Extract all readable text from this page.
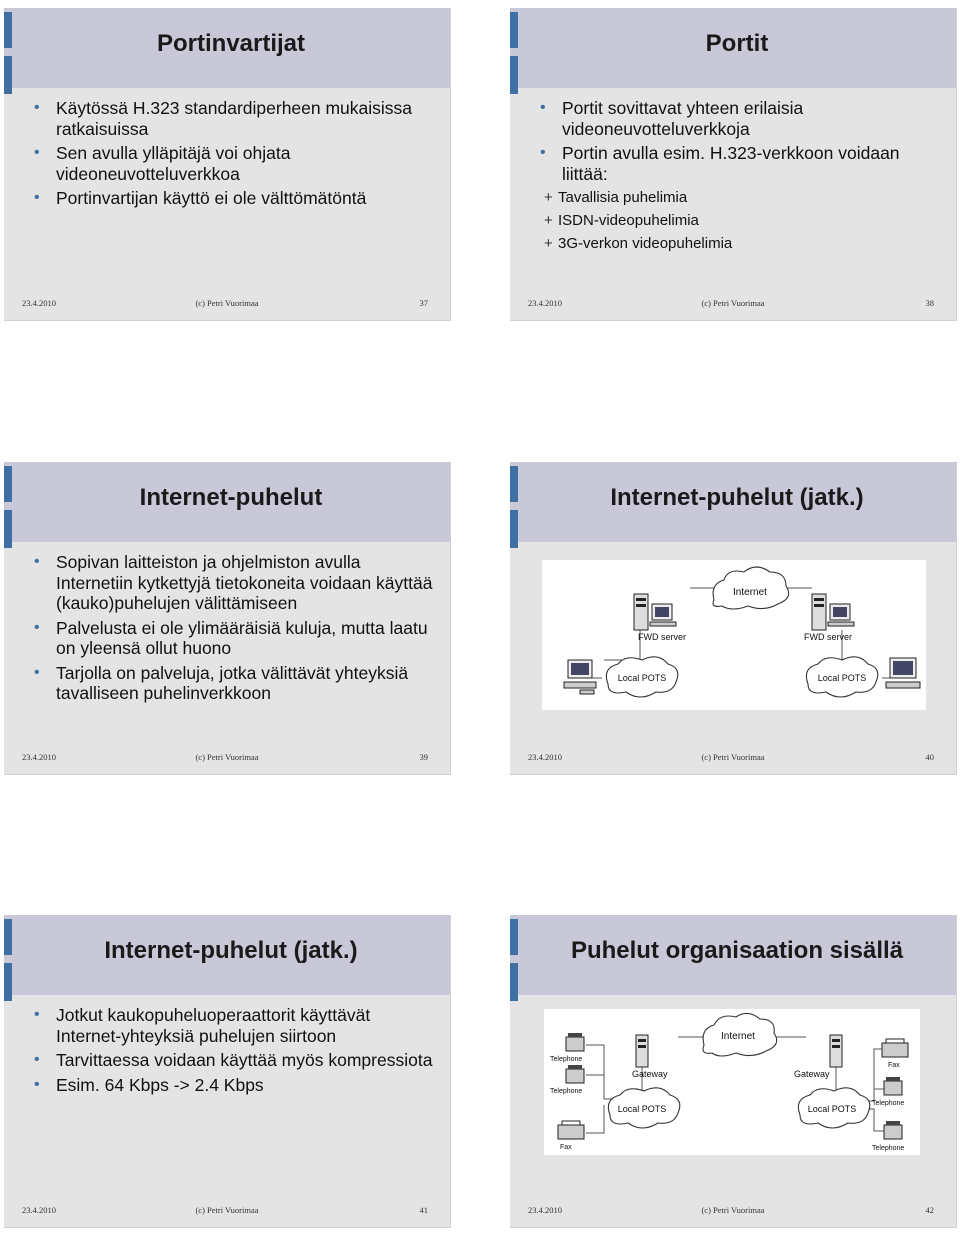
Portinvartijat
• Käytössä H.323 standardiperheen mukaisissa ratkaisuissa
• Sen avulla ylläpitäjä voi ohjata videoneuvotteluverkkoa
• Portinvartijan käyttö ei ole välttömätöntä
23.4.2010	(c) Petri Vuorimaa	37
Portit
• Portit sovittavat yhteen erilaisia videoneuvotteluverkkoja
• Portin avulla esim. H.323-verkkoon voidaan liittää:
+ Tavallisia puhelimia
+ ISDN-videopuhelimia
+ 3G-verkon videopuhelimia
23.4.2010	(c) Petri Vuorimaa	38
Internet-puhelut
• Sopivan laitteiston ja ohjelmiston avulla Internetiin kytkettyjä tietokoneita voidaan käyttää (kauko)puhelujen välittämiseen
• Palvelusta ei ole ylimääräisiä kuluja, mutta laatu on yleensä ollut huono
• Tarjolla on palveluja, jotka välittävät yhteyksiä tavalliseen puhelinverkkoon
23.4.2010	(c) Petri Vuorimaa	39
Internet-puhelut (jatk.)
Internet
FWD server	FWD server
Local POTS	Local POTS
23.4.2010	(c) Petri Vuorimaa	40
Internet-puhelut (jatk.)
• Jotkut kaukopuheluoperaattorit käyttävät Internet-yhteyksiä puhelujen siirtoon
• Tarvittaessa voidaan käyttää myös kompressiota
• Esim. 64 Kbps -> 2.4 Kbps
23.4.2010	(c) Petri Vuorimaa	41
Puhelut organisaation sisällä
Internet
Gateway	Gateway
Local POTS	Local POTS
Telephone
Telephone
Fax
Fax
Telephone
Telephone
23.4.2010	(c) Petri Vuorimaa	42
